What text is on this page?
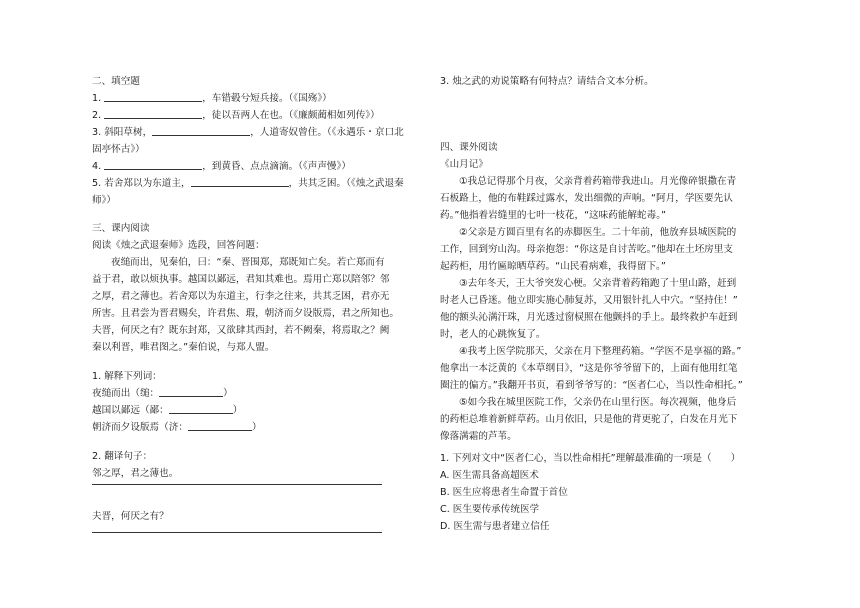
二、填空题
1.	，车错毂兮短兵接。（《国殇》）
2.	，徒以吾两人在也。（《廉颇蔺相如列传》）
3. 斜阳草树，	，人道寄奴曾住。（《永遇乐・京口北
固亭怀古》）
4.	，到黄昏、点点滴滴。（《声声慢》）
5. 若舍郑以为东道主，	，共其乏困。（《烛之武退秦
师》）
三、课内阅读
阅读《烛之武退秦师》选段，回答问题：
夜缒而出，见秦伯，曰：“秦、晋围郑，郑既知亡矣。若亡郑而有
益于君，敢以烦执事。越国以鄙远，君知其难也。焉用亡郑以陪邻？邻
之厚，君之薄也。若舍郑以为东道主，行李之往来，共其乏困，君亦无
所害。且君尝为晋君赐矣，许君焦、瑕，朝济而夕设版焉，君之所知也。
夫晋，何厌之有？既东封郑，又欲肆其西封，若不阙秦，将焉取之？阙
秦以利晋，唯君图之。”秦伯说，与郑人盟。
1. 解释下列词：
夜缒而出（缒：	）
越国以鄙远（鄙：	）
朝济而夕设版焉（济：	）
2. 翻译句子：
邻之厚，君之薄也。
夫晋，何厌之有？
3. 烛之武的劝说策略有何特点？请结合文本分析。
四、课外阅读
《山月记》
①我总记得那个月夜，父亲背着药箱带我进山。月光像碎银撒在青
石板路上，他的布鞋踩过露水，发出细微的声响。“阿月，学医要先认
药。”他指着岩缝里的七叶一枝花，“这味药能解蛇毒。”
②父亲是方圆百里有名的赤脚医生。二十年前，他放弃县城医院的
工作，回到穷山沟。母亲抱怨：“你这是自讨苦吃。”他却在土坯房里支
起药柜，用竹匾晾晒草药。“山民看病难，我得留下。”
③去年冬天，王大爷突发心梗。父亲背着药箱跑了十里山路，赶到
时老人已昏迷。他立即实施心肺复苏，又用银针扎人中穴。“坚持住！”
他的额头沁满汗珠，月光透过窗棂照在他颤抖的手上。最终救护车赶到
时，老人的心跳恢复了。
④我考上医学院那天，父亲在月下整理药箱。“学医不是享福的路。”
他拿出一本泛黄的《本草纲目》，“这是你爷爷留下的，上面有他用红笔
圈注的偏方。”我翻开书页，看到爷爷写的：“医者仁心，当以性命相托。”
⑤如今我在城里医院工作，父亲仍在山里行医。每次视频，他身后
的药柜总堆着新鲜草药。山月依旧，只是他的背更驼了，白发在月光下
像落满霜的芦苇。
1. 下列对文中“医者仁心，当以性命相托”理解最准确的一项是（　　）
A. 医生需具备高超医术
B. 医生应将患者生命置于首位
C. 医生要传承传统医学
D. 医生需与患者建立信任
